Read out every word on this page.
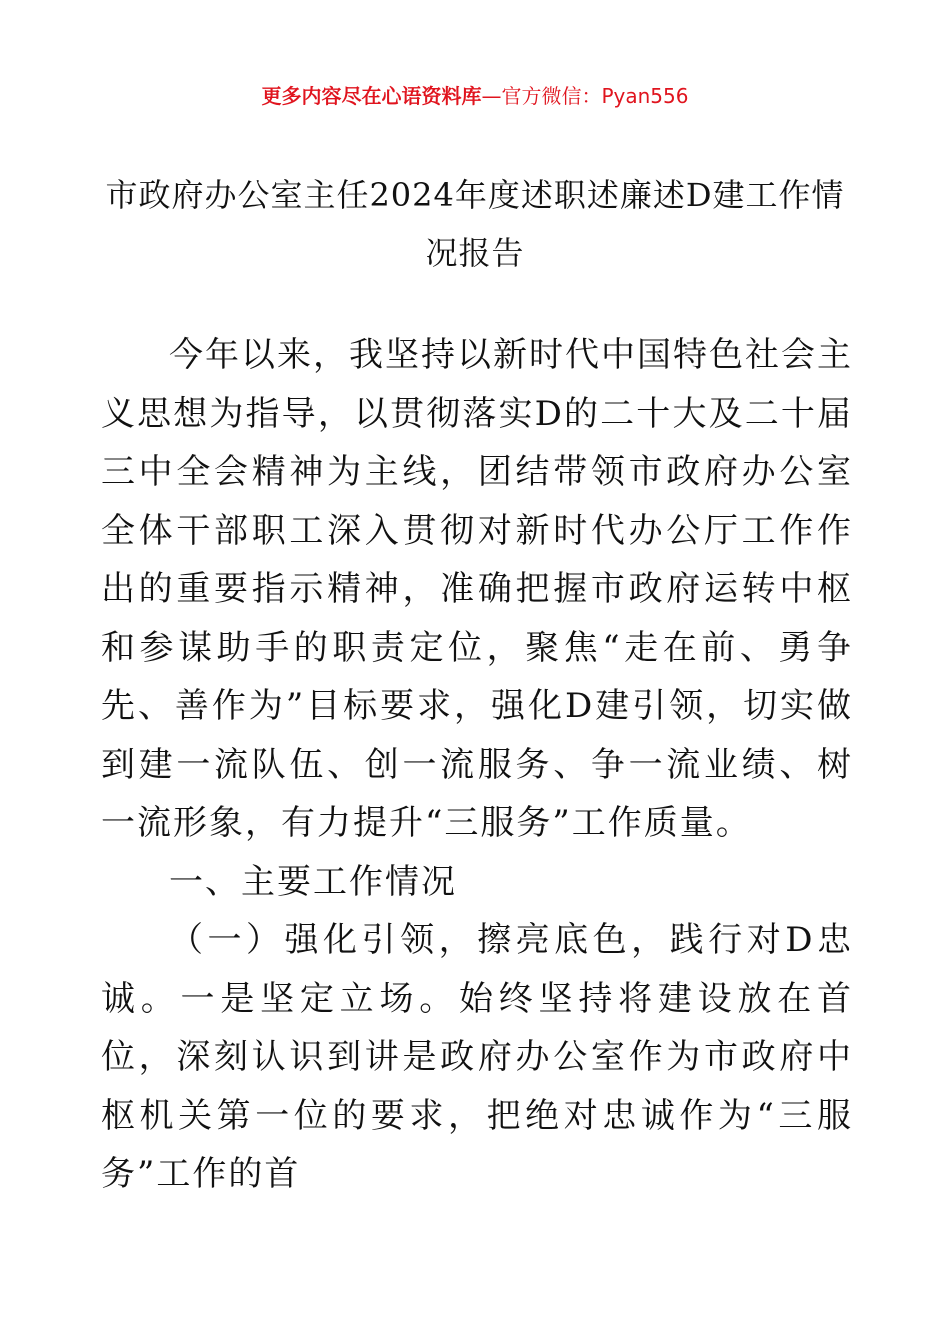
更多内容尽在心语资料库—官方微信：Pyan556
市政府办公室主任2024年度述职述廉述D建工作情况报告

今年以来，我坚持以新时代中国特色社会主义思想为指导，以贯彻落实D的二十大及二十届三中全会精神为主线，团结带领市政府办公室全体干部职工深入贯彻对新时代办公厅工作作出的重要指示精神，准确把握市政府运转中枢和参谋助手的职责定位，聚焦“走在前、勇争先、善作为”目标要求，强化D建引领，切实做到建一流队伍、创一流服务、争一流业绩、树一流形象，有力提升“三服务”工作质量。

一、主要工作情况

（一）强化引领，擦亮底色，践行对D忠诚。一是坚定立场。始终坚持将建设放在首位，深刻认识到讲是政府办公室作为市政府中枢机关第一位的要求，把绝对忠诚作为“三服务”工作的首
